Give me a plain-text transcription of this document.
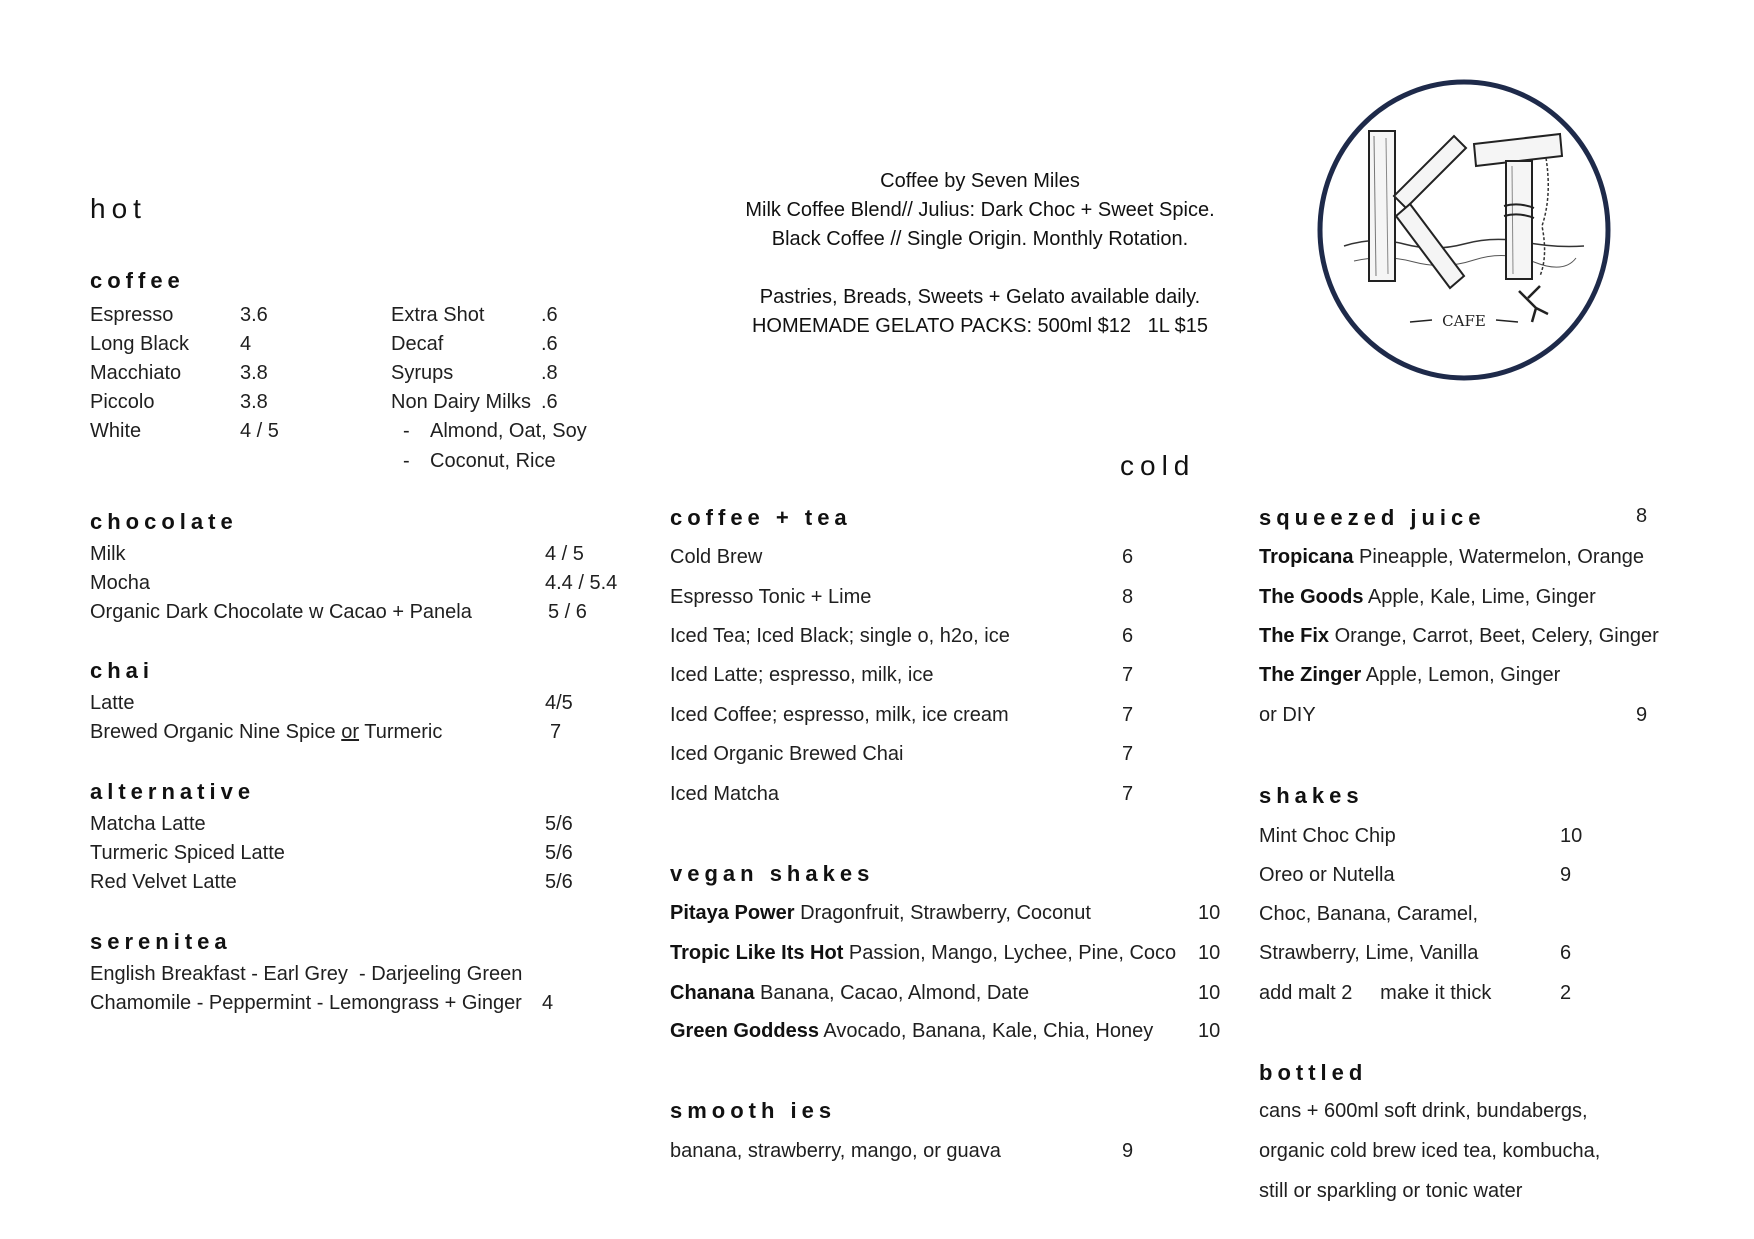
hot
coffee
Espresso	3.6
Long Black	4
Macchiato	3.8
Piccolo	3.8
White	4 / 5
Extra Shot	.6
Decaf	.6
Syrups	.8
Non Dairy Milks .6
- Almond, Oat, Soy
- Coconut, Rice
chocolate
Milk	4 / 5
Mocha	4.4 / 5.4
Organic Dark Chocolate w Cacao + Panela	5 / 6
chai
Latte	4/5
Brewed Organic Nine Spice or Turmeric	7
alternative
Matcha Latte	5/6
Turmeric Spiced Latte	5/6
Red Velvet Latte	5/6
serenitea
English Breakfast - Earl Grey  - Darjeeling Green
Chamomile - Peppermint - Lemongrass + Ginger 4
Coffee by Seven Miles
Milk Coffee Blend// Julius: Dark Choc + Sweet Spice.
Black Coffee // Single Origin. Monthly Rotation.
Pastries, Breads, Sweets + Gelato available daily.
HOMEMADE GELATO PACKS: 500ml $12   1L $15	CAFE
cold
coffee + tea
Cold Brew	6
Espresso Tonic + Lime	8
Iced Tea; Iced Black; single o, h2o, ice	6
Iced Latte; espresso, milk, ice	7
Iced Coffee; espresso, milk, ice cream	7
Iced Organic Brewed Chai	7
Iced Matcha	7
vegan shakes
Pitaya Power Dragonfruit, Strawberry, Coconut	10
Tropic Like Its Hot Passion, Mango, Lychee, Pine, Coco 10
Chanana Banana, Cacao, Almond, Date	10
Green Goddess Avocado, Banana, Kale, Chia, Honey 10
smooth ies
banana, strawberry, mango, or guava	9
squeezed juice	8
Tropicana Pineapple, Watermelon, Orange
The Goods Apple, Kale, Lime, Ginger
The Fix Orange, Carrot, Beet, Celery, Ginger
The Zinger Apple, Lemon, Ginger
or DIY	9
shakes
Mint Choc Chip	10
Oreo or Nutella	9
Choc, Banana, Caramel,
Strawberry, Lime, Vanilla	6
add malt 2     make it thick	2
bottled
cans + 600ml soft drink, bundabergs,
organic cold brew iced tea, kombucha,
still or sparkling or tonic water
